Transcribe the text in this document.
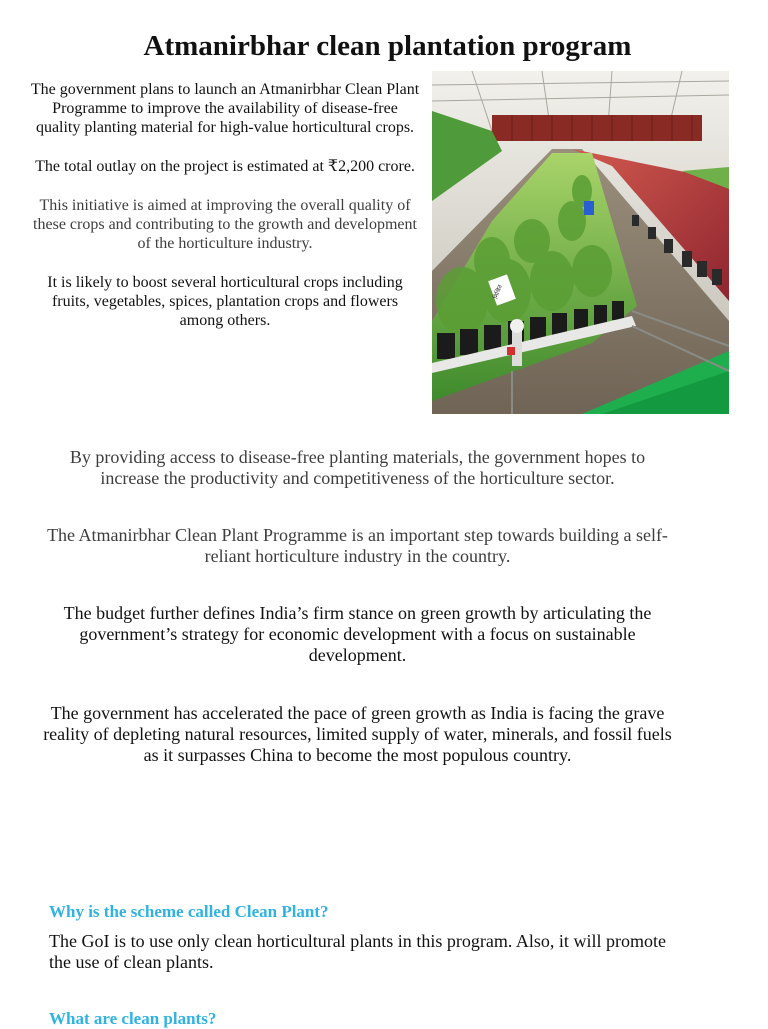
Atmanirbhar clean plantation program

The government plans to launch an Atmanirbhar Clean Plant Programme to improve the availability of disease-free quality planting material for high-value horticultural crops.

The total outlay on the project is estimated at ₹2,200 crore.

This initiative is aimed at improving the overall quality of these crops and contributing to the growth and development of the horticulture industry.

It is likely to boost several horticultural crops including fruits, vegetables, spices, plantation crops and flowers among others.

मिश्रित

By providing access to disease-free planting materials, the government hopes to increase the productivity and competitiveness of the horticulture sector.

The Atmanirbhar Clean Plant Programme is an important step towards building a self-reliant horticulture industry in the country.

The budget further defines India’s firm stance on green growth by articulating the government’s strategy for economic development with a focus on sustainable development.

The government has accelerated the pace of green growth as India is facing the grave reality of depleting natural resources, limited supply of water, minerals, and fossil fuels as it surpasses China to become the most populous country.

Why is the scheme called Clean Plant?

The GoI is to use only clean horticultural plants in this program. Also, it will promote the use of clean plants.

What are clean plants?
